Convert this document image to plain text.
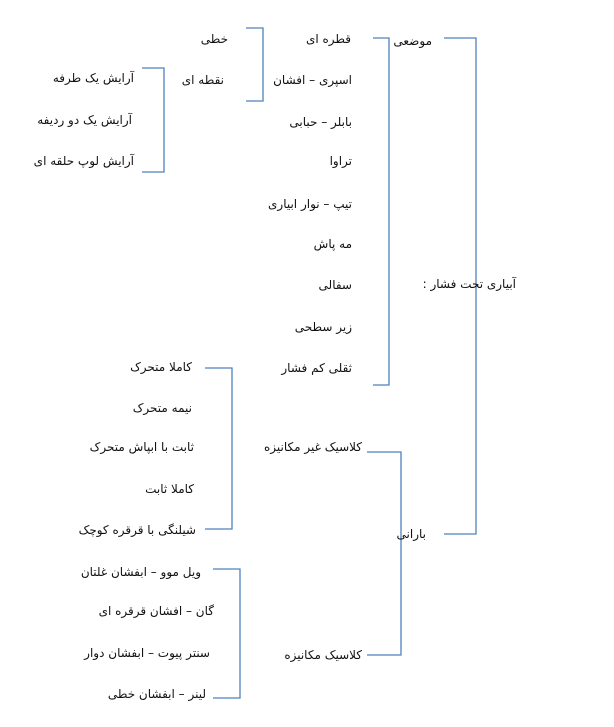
آبیاری تحت فشار :
موضعی
بارانی
قطره ای
اسپری – افشان
بابلر – حبابی
تراوا
تیپ – نوار ابیاری
مه پاش
سفالی
زیر سطحی
ثقلی کم فشار
خطی
نقطه ای
آرایش یک طرفه
آرایش یک دو ردیفه
آرایش لوپ حلقه ای
کلاسیک غیر مکانیزه
کلاسیک مکانیزه
کاملا متحرک
نیمه متحرک
ثابت با ابپاش متحرک
کاملا ثابت
شیلنگی با قرقره کوچک
ویل موو – ابفشان غلتان
گان – افشان قرقره ای
سنتر پیوت – ابفشان دوار
لینر – ابفشان خطی
